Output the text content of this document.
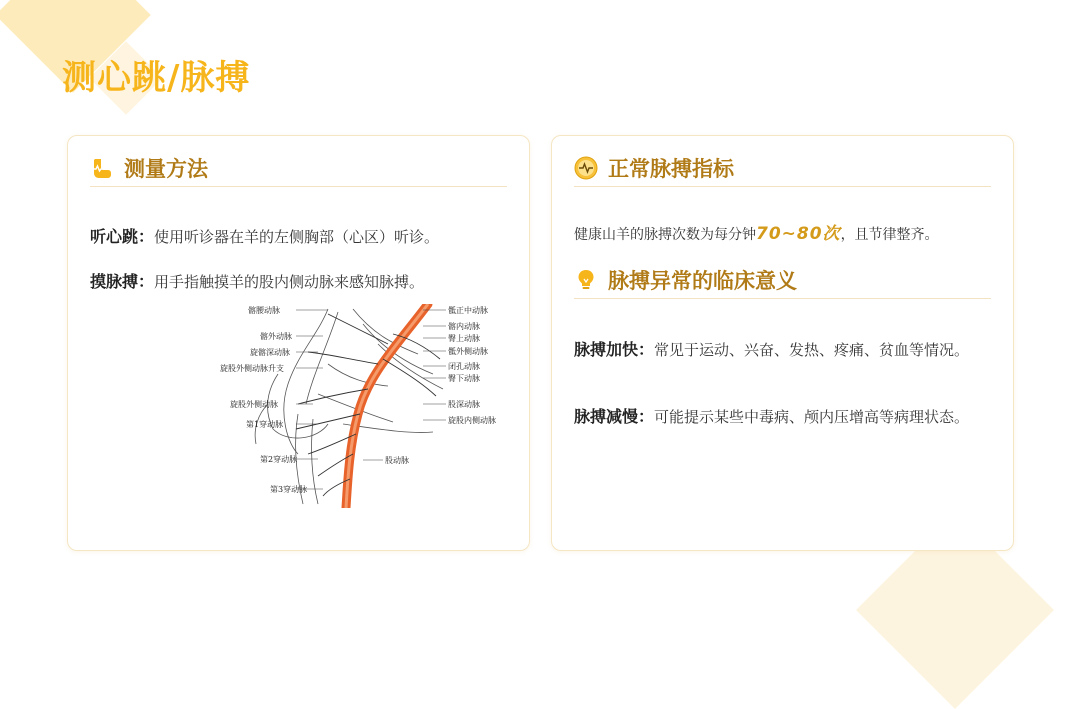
测心跳/脉搏
测量方法
听心跳：使用听诊器在羊的左侧胸部（心区）听诊。
摸脉搏：用手指触摸羊的股内侧动脉来感知脉搏。
髂腰动脉
髂外动脉
旋髂深动脉
旋股外侧动脉升支
旋股外侧动脉
第1穿动脉
第2穿动脉
第3穿动脉
骶正中动脉
髂内动脉
臀上动脉
骶外侧动脉
闭孔动脉
臀下动脉
股深动脉
旋股内侧动脉
股动脉
正常脉搏指标
健康山羊的脉搏次数为每分钟70~80次，且节律整齐。
脉搏异常的临床意义
脉搏加快：常见于运动、兴奋、发热、疼痛、贫血等情况。
脉搏减慢：可能提示某些中毒病、颅内压增高等病理状态。
